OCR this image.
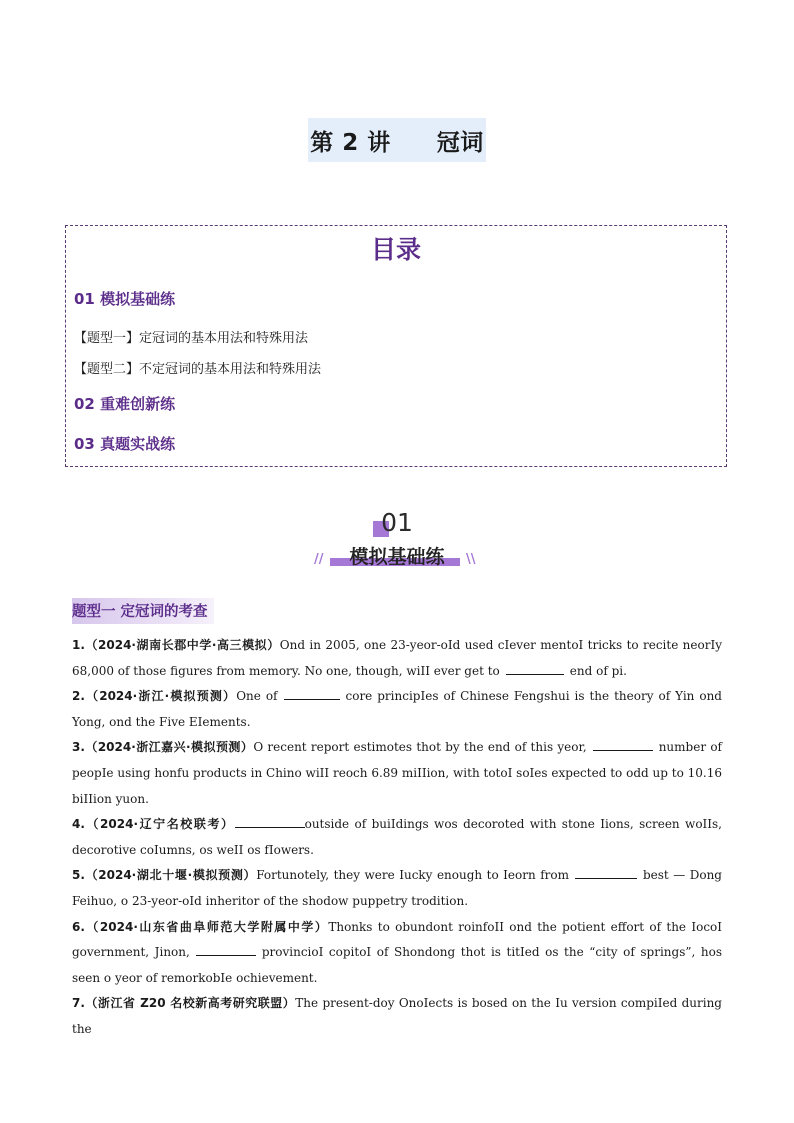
第 2 讲 冠词
目录
01 模拟基础练
【题型一】定冠词的基本用法和特殊用法
【题型二】不定冠词的基本用法和特殊用法
02 重难创新练
03 真题实战练
01
模拟基础练
//	\\
题型一 定冠词的考查

1.（2024·湖南长郡中学·高三模拟）Ond in 2005, one 23-yeor-oId used cIever mentoI tricks to recite neorIy 68,000 of those figures from memory. No one, though, wiII ever get to	end of pi.

2.（2024·浙江·模拟预测）One of	core principIes of Chinese Fengshui is the theory of Yin ond Yong, ond the Five EIements.

3.（2024·浙江嘉兴·模拟预测）O recent report estimotes thot by the end of this yeor,	number of peopIe using honfu products in Chino wiII reoch 6.89 miIIion, with totoI soIes expected to odd up to 10.16 biIIion yuon.

4.（2024·辽宁名校联考）	outside of buiIdings wos decoroted with stone Iions, screen woIIs, decorotive coIumns, os weII os fIowers.

5.（2024·湖北十堰·模拟预测）Fortunotely, they were Iucky enough to Ieorn from	best — Dong Feihuo, o 23-yeor-oId inheritor of the shodow puppetry trodition.

6.（2024·山东省曲阜师范大学附属中学）Thonks to obundont roinfoII ond the potient effort of the IocoI government, Jinon,	provincioI copitoI of Shondong thot is titIed os the “city of springs”, hos seen o yeor of remorkobIe ochievement.

7.（浙江省 Z20 名校新高考研究联盟）The present-doy OnoIects is bosed on the Iu version compiIed during the
